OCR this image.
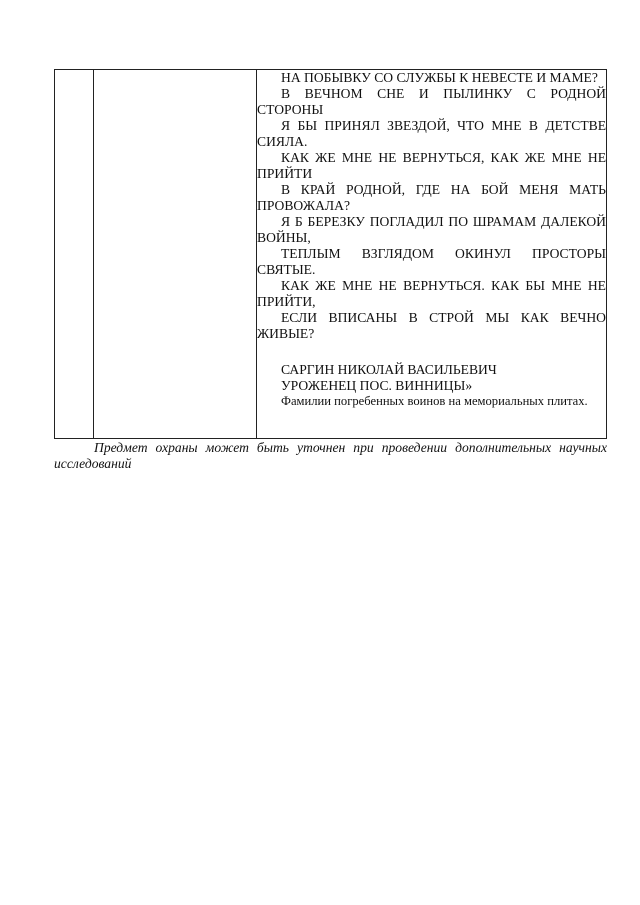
НА ПОБЫВКУ СО СЛУЖБЫ К НЕВЕСТЕ И МАМЕ?

В ВЕЧНОМ СНЕ И ПЫЛИНКУ С РОДНОЙ СТОРОНЫ

Я БЫ ПРИНЯЛ ЗВЕЗДОЙ, ЧТО МНЕ В ДЕТСТВЕ СИЯЛА.

КАК ЖЕ МНЕ НЕ ВЕРНУТЬСЯ, КАК ЖЕ МНЕ НЕ ПРИЙТИ

В КРАЙ РОДНОЙ, ГДЕ НА БОЙ МЕНЯ МАТЬ ПРОВОЖАЛА?

Я Б БЕРЕЗКУ ПОГЛАДИЛ ПО ШРАМАМ ДАЛЕКОЙ ВОЙНЫ,

ТЕПЛЫМ ВЗГЛЯДОМ ОКИНУЛ ПРОСТОРЫ СВЯТЫЕ.

КАК ЖЕ МНЕ НЕ ВЕРНУТЬСЯ. КАК БЫ МНЕ НЕ ПРИЙТИ,

ЕСЛИ ВПИСАНЫ В СТРОЙ МЫ КАК ВЕЧНО ЖИВЫЕ?

САРГИН НИКОЛАЙ ВАСИЛЬЕВИЧ

УРОЖЕНЕЦ ПОС. ВИННИЦЫ»

Фамилии погребенных воинов на мемориальных плитах.

Предмет охраны может быть уточнен при проведении дополнительных научных исследований
